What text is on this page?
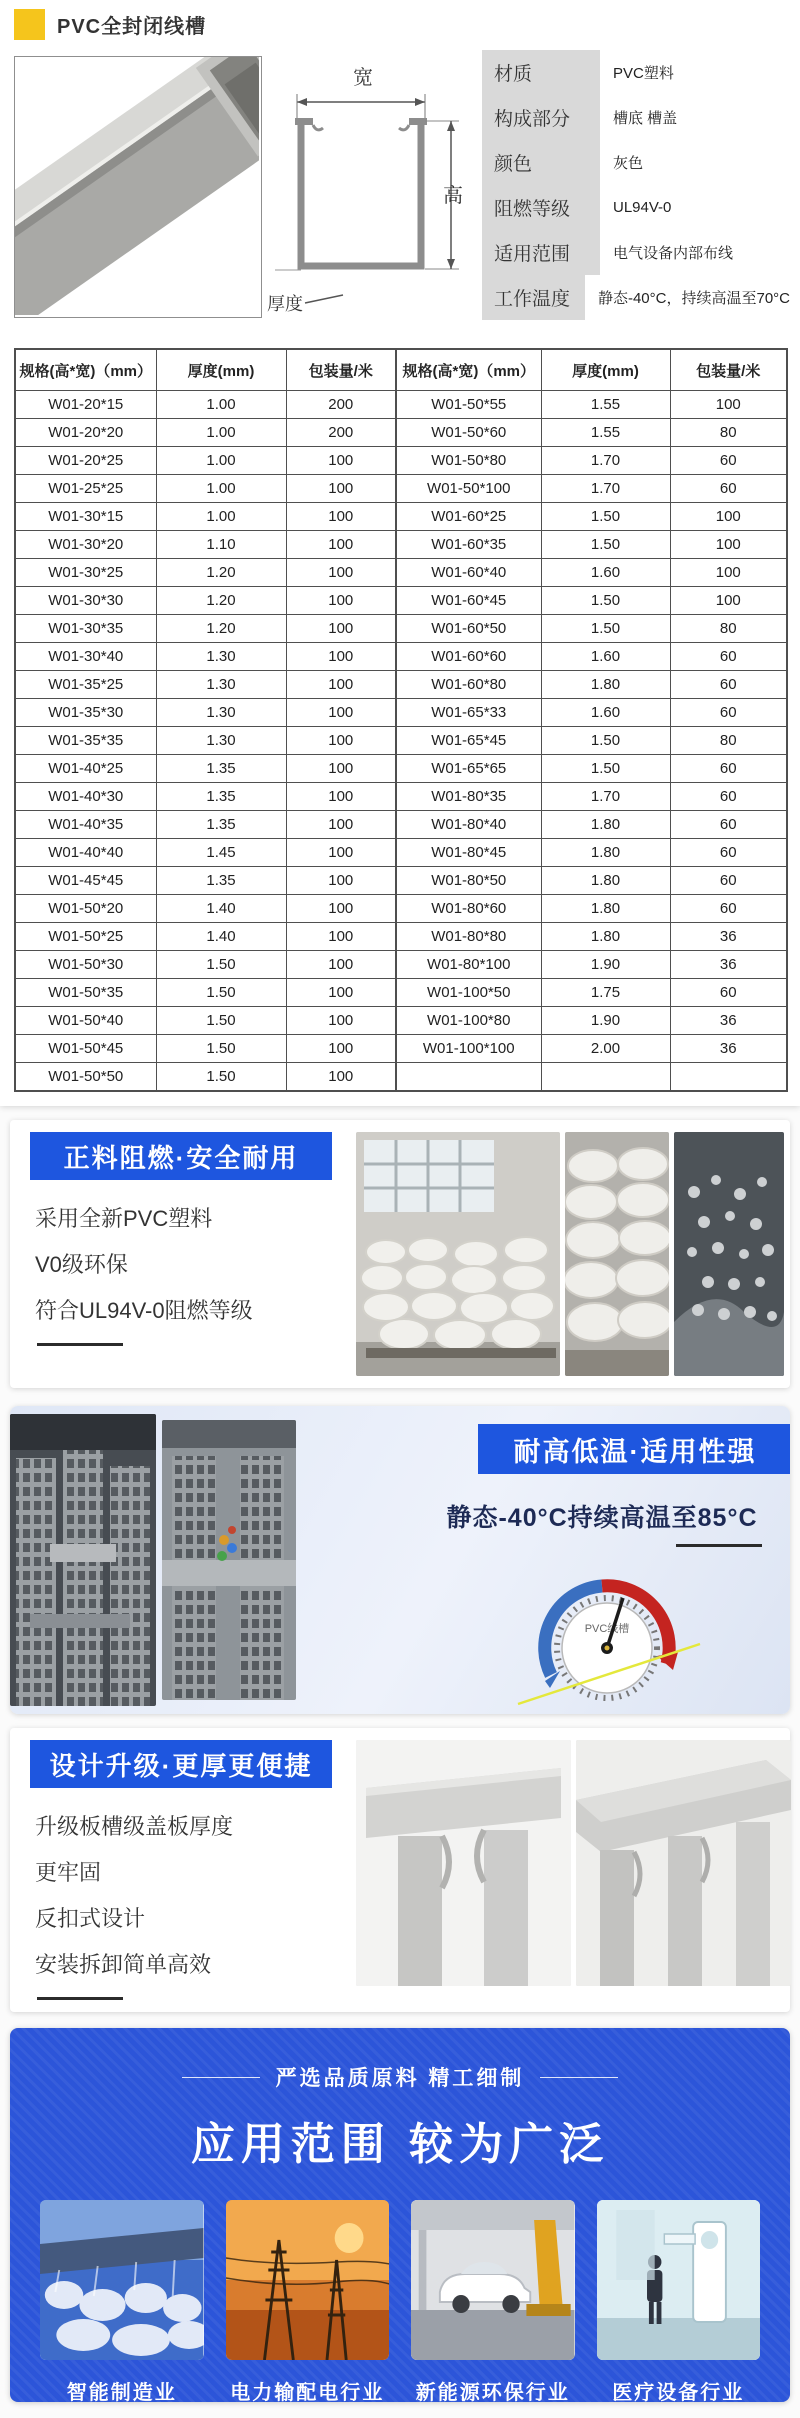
PVC全封闭线槽
宽
高
厚度
材质	PVC塑料
构成部分	槽底 槽盖
颜色	灰色
阻燃等级	UL94V-0
适用范围	电气设备内部布线
工作温度	静态-40°C，持续高温至70°C
规格(高*宽)（mm）	厚度(mm)	包装量/米	规格(高*宽)（mm）	厚度(mm)	包装量/米
W01-20*15	1.00	200	W01-50*55	1.55	100
W01-20*20	1.00	200	W01-50*60	1.55	80
W01-20*25	1.00	100	W01-50*80	1.70	60
W01-25*25	1.00	100	W01-50*100	1.70	60
W01-30*15	1.00	100	W01-60*25	1.50	100
W01-30*20	1.10	100	W01-60*35	1.50	100
W01-30*25	1.20	100	W01-60*40	1.60	100
W01-30*30	1.20	100	W01-60*45	1.50	100
W01-30*35	1.20	100	W01-60*50	1.50	80
W01-30*40	1.30	100	W01-60*60	1.60	60
W01-35*25	1.30	100	W01-60*80	1.80	60
W01-35*30	1.30	100	W01-65*33	1.60	60
W01-35*35	1.30	100	W01-65*45	1.50	80
W01-40*25	1.35	100	W01-65*65	1.50	60
W01-40*30	1.35	100	W01-80*35	1.70	60
W01-40*35	1.35	100	W01-80*40	1.80	60
W01-40*40	1.45	100	W01-80*45	1.80	60
W01-45*45	1.35	100	W01-80*50	1.80	60
W01-50*20	1.40	100	W01-80*60	1.80	60
W01-50*25	1.40	100	W01-80*80	1.80	36
W01-50*30	1.50	100	W01-80*100	1.90	36
W01-50*35	1.50	100	W01-100*50	1.75	60
W01-50*40	1.50	100	W01-100*80	1.90	36
W01-50*45	1.50	100	W01-100*100	2.00	36
W01-50*50	1.50	100			
正料阻燃·安全耐用

采用全新PVC塑料

V0级环保

符合UL94V-0阻燃等级

耐高低温·适用性强
静态-40°C持续高温至85°C
PVC线槽
设计升级·更厚更便捷

升级板槽级盖板厚度

更牢固

反扣式设计

安装拆卸简单高效

严选品质原料 精工细制
应用范围 较为广泛
智能制造业	电力输配电行业 新能源环保行业 医疗设备行业
